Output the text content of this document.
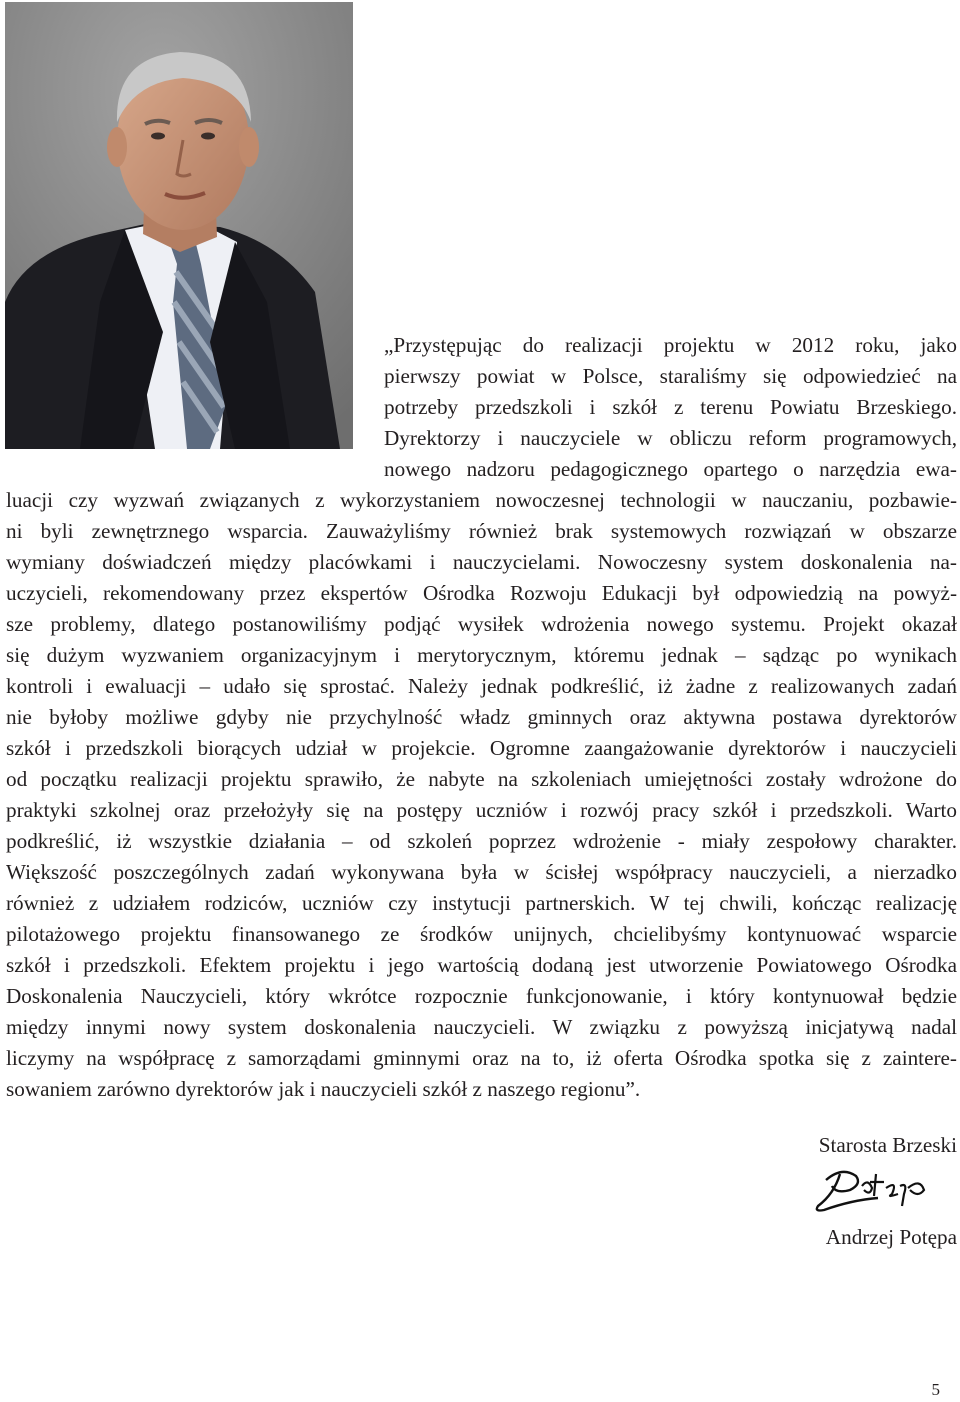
„Przystępując do realizacji projektu w 2012 roku, jako

pierwszy powiat w Polsce, staraliśmy się odpowiedzieć na

potrzeby przedszkoli i szkół z terenu Powiatu Brzeskiego.

Dyrektorzy i nauczyciele w obliczu reform programowych,

nowego nadzoru pedagogicznego opartego o narzędzia ewa-

luacji czy wyzwań związanych z wykorzystaniem nowoczesnej technologii w nauczaniu, pozbawie-

ni byli zewnętrznego wsparcia. Zauważyliśmy również brak systemowych rozwiązań w obszarze

wymiany doświadczeń między placówkami i nauczycielami. Nowoczesny system doskonalenia na-

uczycieli, rekomendowany przez ekspertów Ośrodka Rozwoju Edukacji był odpowiedzią na powyż-

sze problemy, dlatego postanowiliśmy podjąć wysiłek wdrożenia nowego systemu. Projekt okazał

się dużym wyzwaniem organizacyjnym i merytorycznym, któremu jednak – sądząc po wynikach

kontroli i ewaluacji – udało się sprostać. Należy jednak podkreślić, iż żadne z realizowanych zadań

nie byłoby możliwe gdyby nie przychylność władz gminnych oraz aktywna postawa dyrektorów

szkół i przedszkoli biorących udział w projekcie. Ogromne zaangażowanie dyrektorów i nauczycieli

od początku realizacji projektu sprawiło, że nabyte na szkoleniach umiejętności zostały wdrożone do

praktyki szkolnej oraz przełożyły się na postępy uczniów i rozwój pracy szkół i przedszkoli. Warto

podkreślić, iż wszystkie działania – od szkoleń poprzez wdrożenie - miały zespołowy charakter.

Większość poszczególnych zadań wykonywana była w ścisłej współpracy nauczycieli, a nierzadko

również z udziałem rodziców, uczniów czy instytucji partnerskich. W tej chwili, kończąc realizację

pilotażowego projektu finansowanego ze środków unijnych, chcielibyśmy kontynuować wsparcie

szkół i przedszkoli. Efektem projektu i jego wartością dodaną jest utworzenie Powiatowego Ośrodka

Doskonalenia Nauczycieli, który wkrótce rozpocznie funkcjonowanie, i który kontynuował będzie

między innymi nowy system doskonalenia nauczycieli. W związku z powyższą inicjatywą nadal

liczymy na współpracę z samorządami gminnymi oraz na to, iż oferta Ośrodka spotka się z zaintere-

sowaniem zarówno dyrektorów jak i nauczycieli szkół z naszego regionu”.

Starosta Brzeski

Andrzej Potępa

5
